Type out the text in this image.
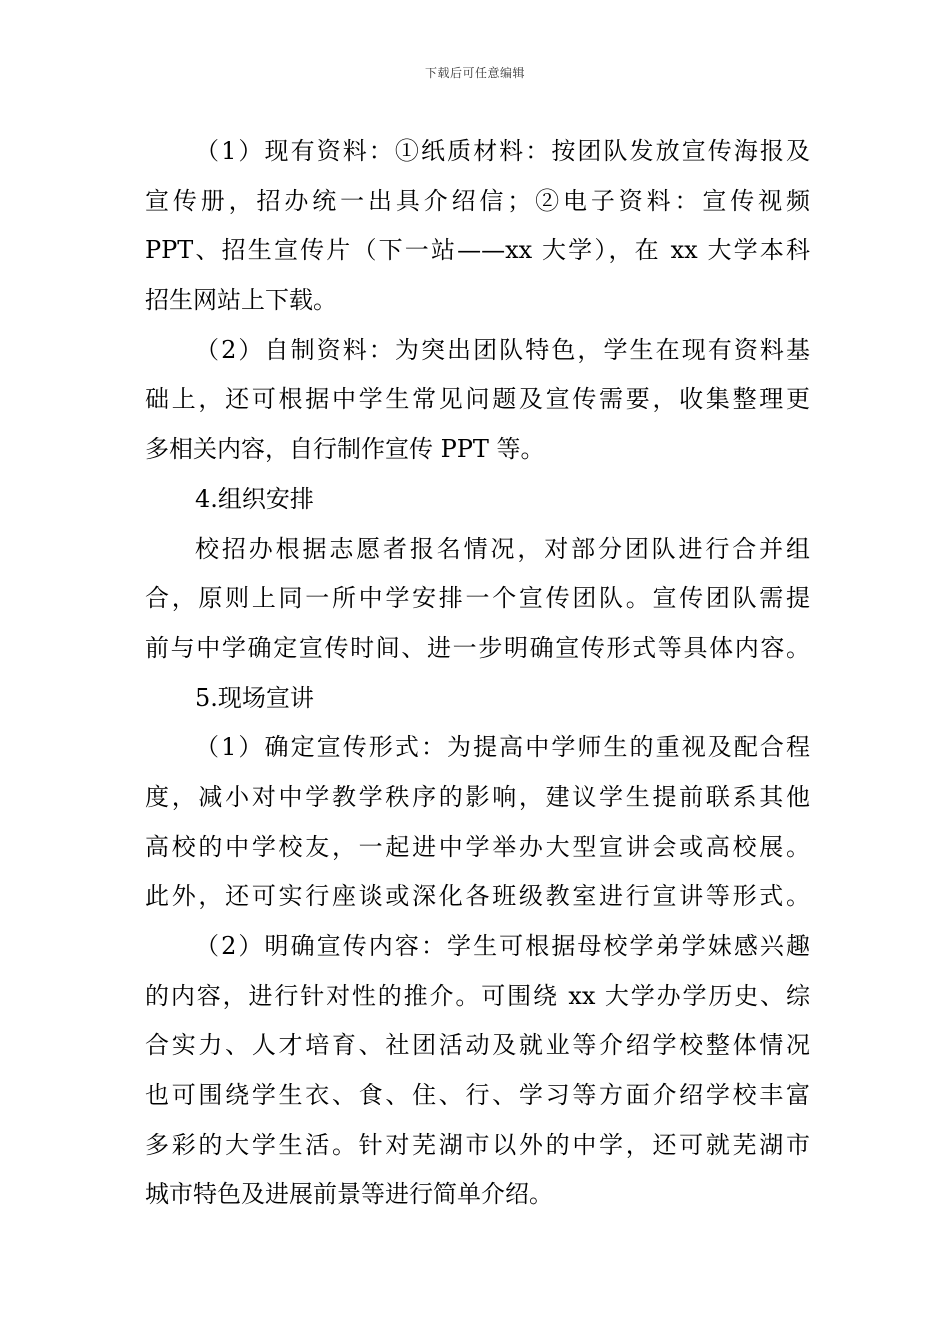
下载后可任意编辑
（1）现有资料：①纸质材料：按团队发放宣传海报及
宣传册，招办统一出具介绍信；②电子资料：宣传视频
PPT、招生宣传片（下一站——xx 大学），在 xx 大学本科
招生网站上下载。
（2）自制资料：为突出团队特色，学生在现有资料基
础上，还可根据中学生常见问题及宣传需要，收集整理更
多相关内容，自行制作宣传 PPT 等。
4.组织安排
校招办根据志愿者报名情况，对部分团队进行合并组
合，原则上同一所中学安排一个宣传团队。宣传团队需提
前与中学确定宣传时间、进一步明确宣传形式等具体内容。
5.现场宣讲
（1）确定宣传形式：为提高中学师生的重视及配合程
度，减小对中学教学秩序的影响，建议学生提前联系其他
高校的中学校友，一起进中学举办大型宣讲会或高校展。
此外，还可实行座谈或深化各班级教室进行宣讲等形式。
（2）明确宣传内容：学生可根据母校学弟学妹感兴趣
的内容，进行针对性的推介。可围绕 xx 大学办学历史、综
合实力、人才培育、社团活动及就业等介绍学校整体情况
也可围绕学生衣、食、住、行、学习等方面介绍学校丰富
多彩的大学生活。针对芜湖市以外的中学，还可就芜湖市
城市特色及进展前景等进行简单介绍。
